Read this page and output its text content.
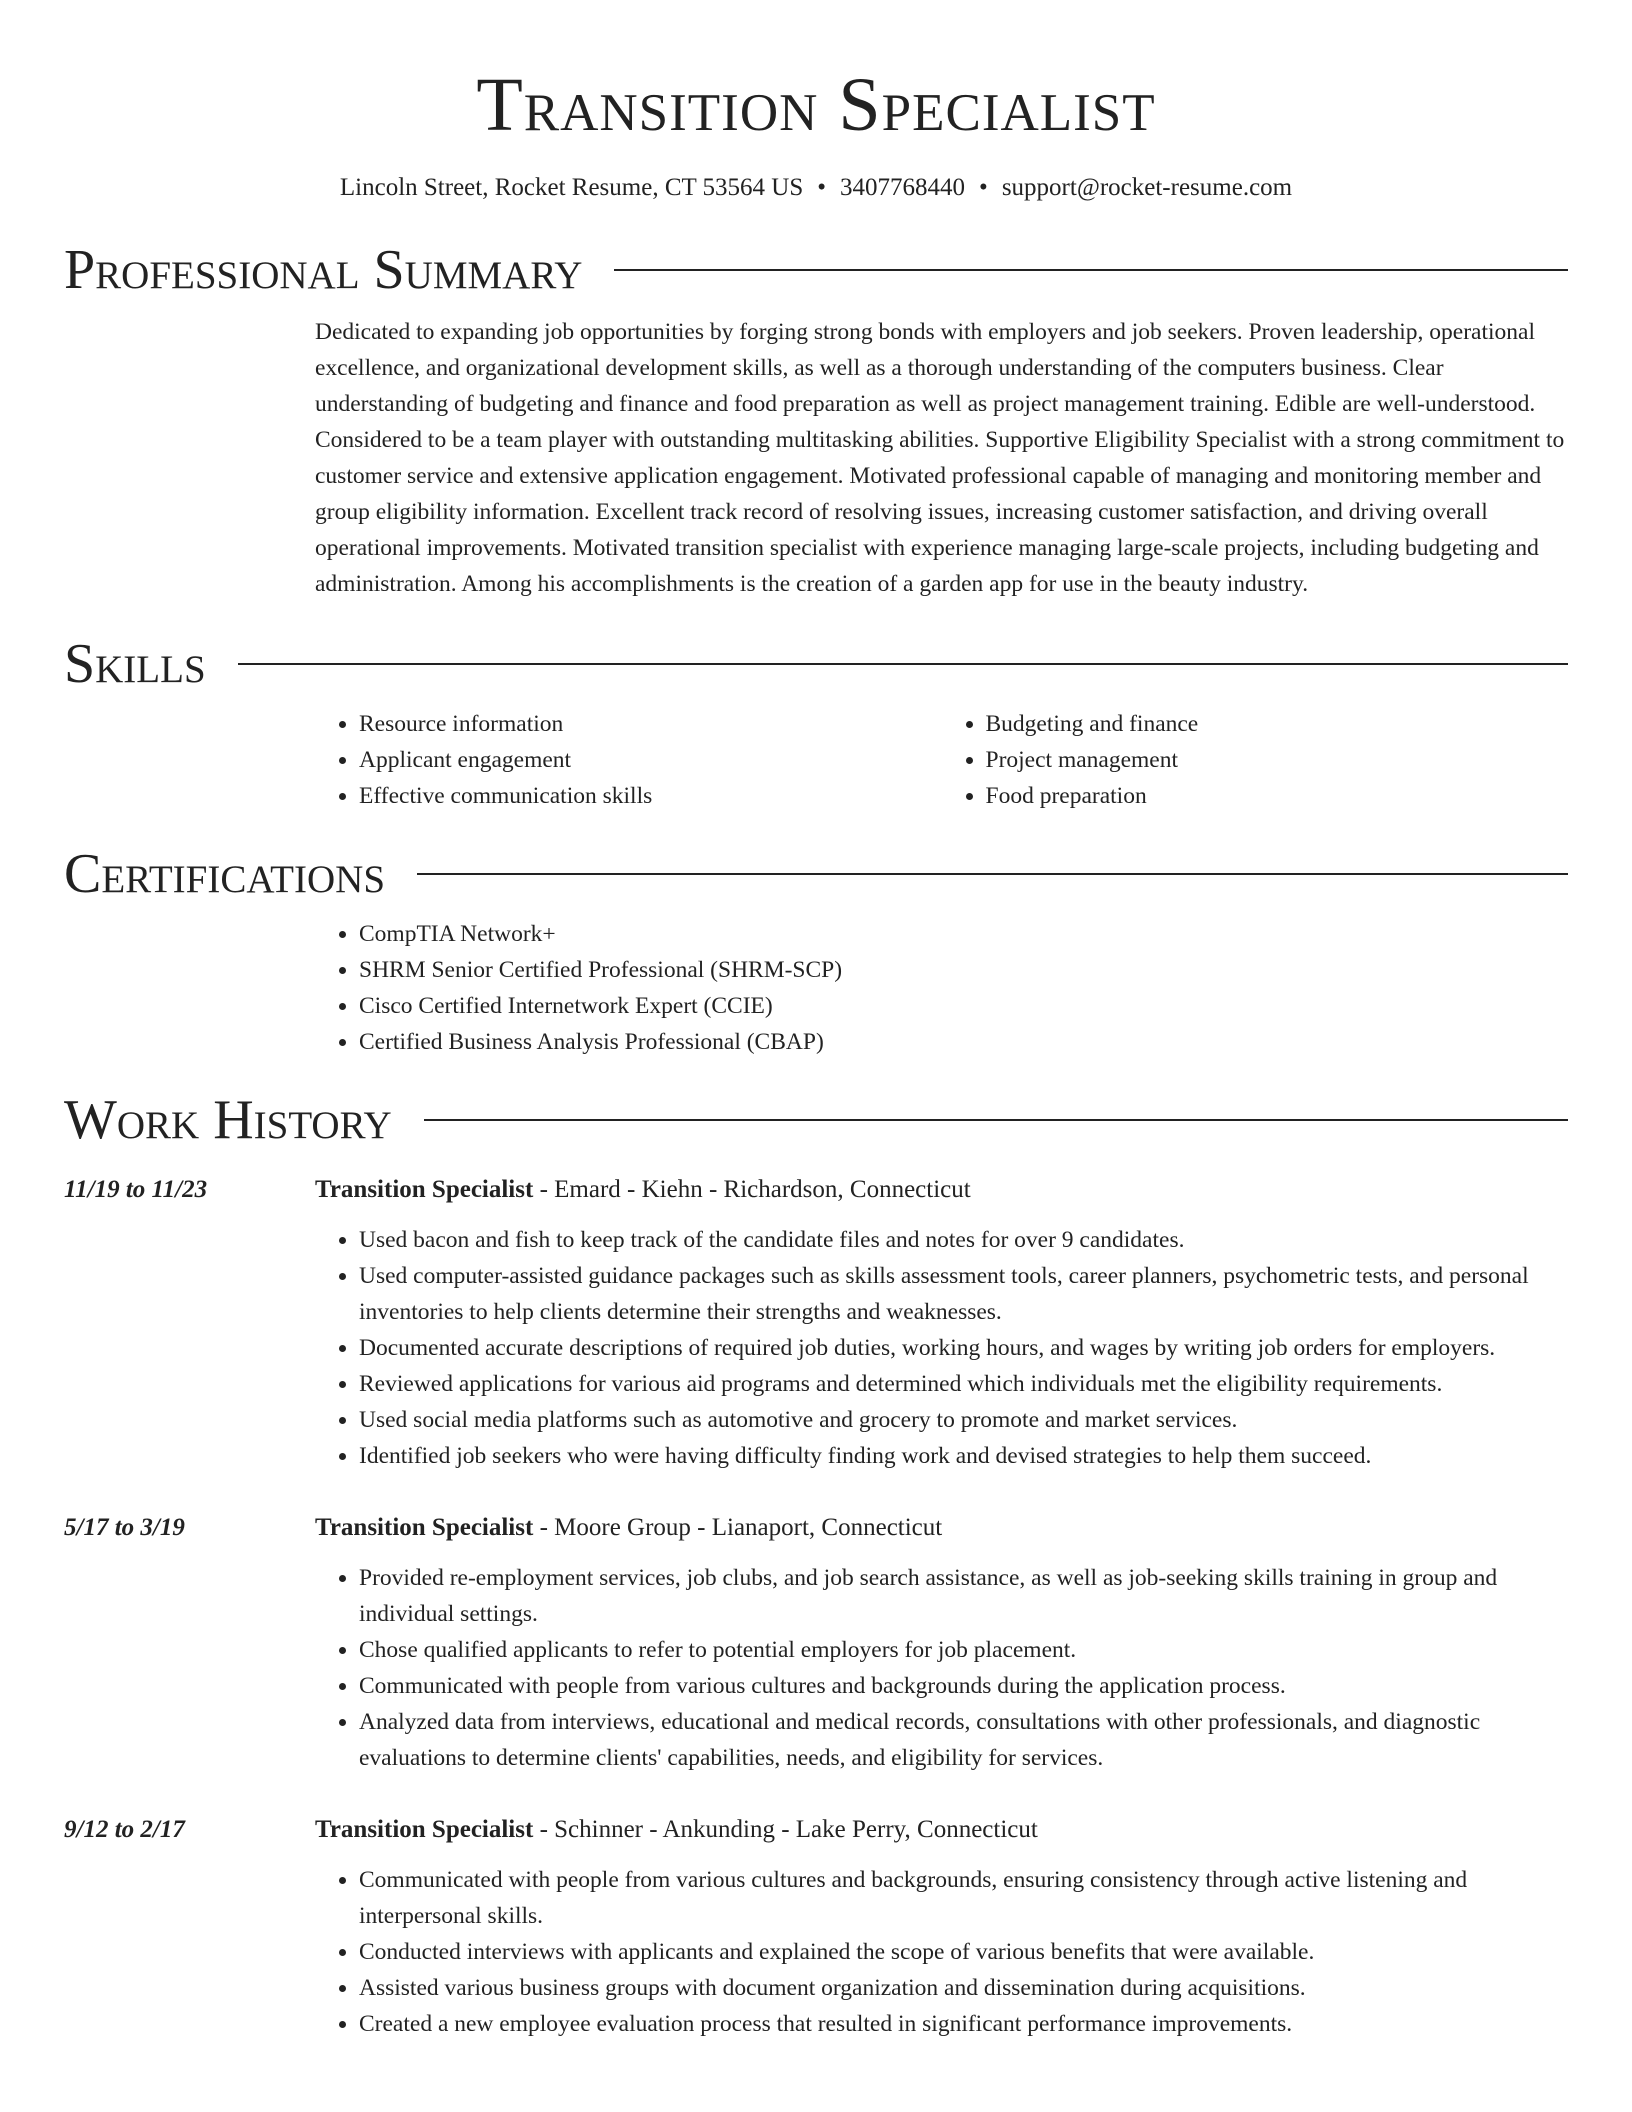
Transition Specialist
Lincoln Street, Rocket Resume, CT 53564 US • 3407768440 • support@rocket-resume.com
Professional Summary
Dedicated to expanding job opportunities by forging strong bonds with employers and job seekers. Proven leadership, operational excellence, and organizational development skills, as well as a thorough understanding of the computers business. Clear understanding of budgeting and finance and food preparation as well as project management training. Edible are well-understood. Considered to be a team player with outstanding multitasking abilities. Supportive Eligibility Specialist with a strong commitment to customer service and extensive application engagement. Motivated professional capable of managing and monitoring member and group eligibility information. Excellent track record of resolving issues, increasing customer satisfaction, and driving overall operational improvements. Motivated transition specialist with experience managing large-scale projects, including budgeting and administration. Among his accomplishments is the creation of a garden app for use in the beauty industry.
Skills
• Resource information
• Applicant engagement
• Effective communication skills
• Budgeting and finance
• Project management
• Food preparation
Certifications
• CompTIA Network+
• SHRM Senior Certified Professional (SHRM-SCP)
• Cisco Certified Internetwork Expert (CCIE)
• Certified Business Analysis Professional (CBAP)
Work History
11/19 to 11/23	Transition Specialist - Emard - Kiehn - Richardson, Connecticut
• Used bacon and fish to keep track of the candidate files and notes for over 9 candidates.
• Used computer-assisted guidance packages such as skills assessment tools, career planners, psychometric tests, and personal inventories to help clients determine their strengths and weaknesses.
• Documented accurate descriptions of required job duties, working hours, and wages by writing job orders for employers.
• Reviewed applications for various aid programs and determined which individuals met the eligibility requirements.
• Used social media platforms such as automotive and grocery to promote and market services.
• Identified job seekers who were having difficulty finding work and devised strategies to help them succeed.
5/17 to 3/19	Transition Specialist - Moore Group - Lianaport, Connecticut
• Provided re-employment services, job clubs, and job search assistance, as well as job-seeking skills training in group and individual settings.
• Chose qualified applicants to refer to potential employers for job placement.
• Communicated with people from various cultures and backgrounds during the application process.
• Analyzed data from interviews, educational and medical records, consultations with other professionals, and diagnostic evaluations to determine clients' capabilities, needs, and eligibility for services.
9/12 to 2/17	Transition Specialist - Schinner - Ankunding - Lake Perry, Connecticut
• Communicated with people from various cultures and backgrounds, ensuring consistency through active listening and interpersonal skills.
• Conducted interviews with applicants and explained the scope of various benefits that were available.
• Assisted various business groups with document organization and dissemination during acquisitions.
• Created a new employee evaluation process that resulted in significant performance improvements.
